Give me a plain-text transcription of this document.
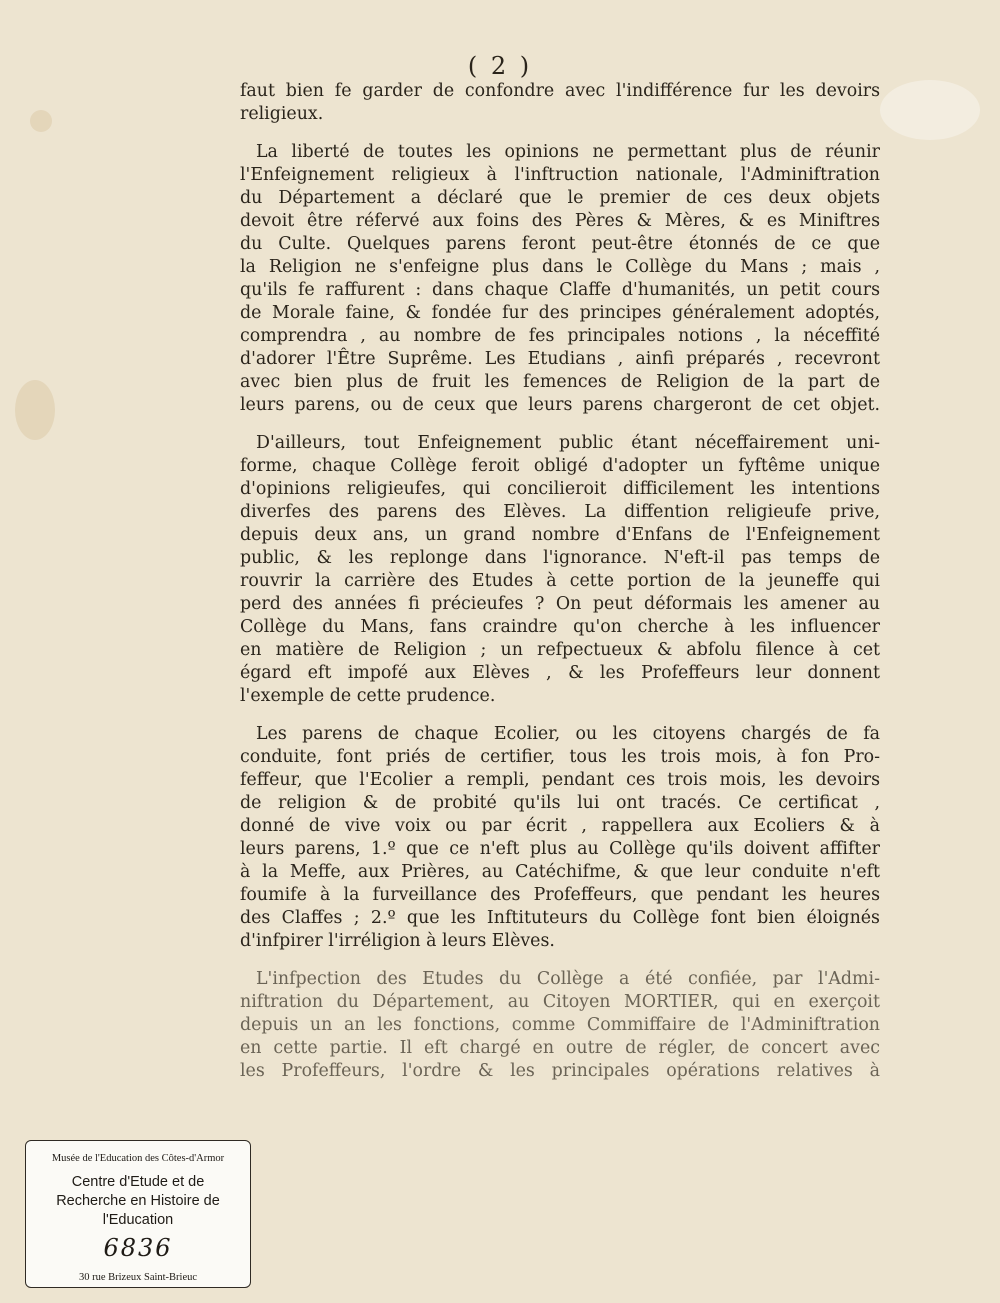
( 2 )

faut bien fe garder de confondre avec l'indifférence fur les devoirs
religieux.

La liberté de toutes les opinions ne permettant plus de réunir
l'Enfeignement religieux à l'inftruction nationale, l'Adminiftration
du Département a déclaré que le premier de ces deux objets
devoit être réfervé aux foins des Pères & Mères, & es Miniftres
du Culte. Quelques parens feront peut-être étonnés de ce que
la Religion ne s'enfeigne plus dans le Collège du Mans ; mais ,
qu'ils fe raffurent : dans chaque Claffe d'humanités, un petit cours
de Morale faine, & fondée fur des principes généralement adoptés,
comprendra , au nombre de fes principales notions , la néceffité
d'adorer l'Être Suprême. Les Etudians , ainfi préparés , recevront
avec bien plus de fruit les femences de Religion de la part de
leurs parens, ou de ceux que leurs parens chargeront de cet objet.

D'ailleurs, tout Enfeignement public étant néceffairement uni-
forme, chaque Collège feroit obligé d'adopter un fyftême unique
d'opinions religieufes, qui concilieroit difficilement les intentions
diverfes des parens des Elèves. La diffention religieufe prive,
depuis deux ans, un grand nombre d'Enfans de l'Enfeignement
public, & les replonge dans l'ignorance. N'eft-il pas temps de
rouvrir la carrière des Etudes à cette portion de la jeuneffe qui
perd des années fi précieufes ? On peut déformais les amener au
Collège du Mans, fans craindre qu'on cherche à les influencer
en matière de Religion ; un refpectueux & abfolu filence à cet
égard eft impofé aux Elèves , & les Profeffeurs leur donnent
l'exemple de cette prudence.

Les parens de chaque Ecolier, ou les citoyens chargés de fa
conduite, font priés de certifier, tous les trois mois, à fon Pro-
feffeur, que l'Ecolier a rempli, pendant ces trois mois, les devoirs
de religion & de probité qu'ils lui ont tracés. Ce certificat ,
donné de vive voix ou par écrit , rappellera aux Ecoliers & à
leurs parens, 1.º que ce n'eft plus au Collège qu'ils doivent affifter
à la Meffe, aux Prières, au Catéchifme, & que leur conduite n'eft
foumife à la furveillance des Profeffeurs, que pendant les heures
des Claffes ; 2.º que les Inftituteurs du Collège font bien éloignés
d'infpirer l'irréligion à leurs Elèves.

L'infpection des Etudes du Collège a été confiée, par l'Admi-
niftration du Département, au Citoyen MORTIER, qui en exerçoit
depuis un an les fonctions, comme Commiffaire de l'Adminiftration
en cette partie. Il eft chargé en outre de régler, de concert avec
les Profeffeurs, l'ordre & les principales opérations relatives à

Musée de l'Education des Côtes-d'Armor
Centre d'Etude et de
Recherche en Histoire de
l'Education
6836
30 rue Brizeux Saint-Brieuc
